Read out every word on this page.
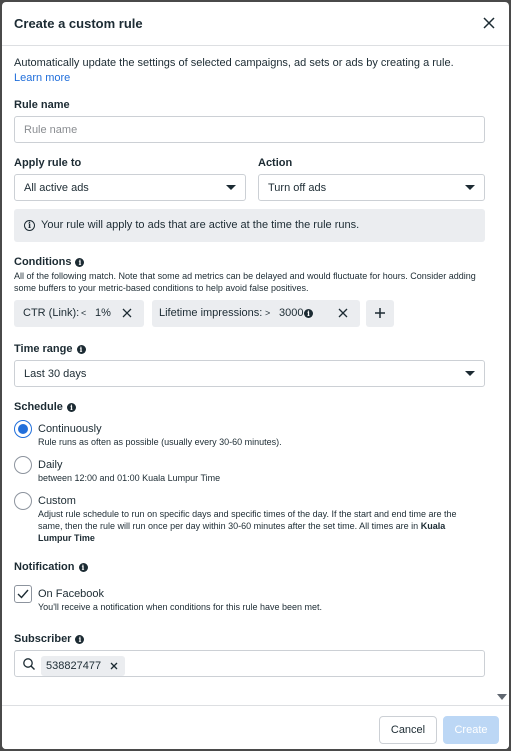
Create a custom rule
Automatically update the settings of selected campaigns, ad sets or ads by creating a rule. Learn more
Rule name
Rule name
Apply rule to
All active ads
Action
Turn off ads
i Your rule will apply to ads that are active at the time the rule runs.
Conditions i
All of the following match. Note that some ad metrics can be delayed and would fluctuate for hours. Consider adding some buffers to your metric-based conditions to help avoid false positives.
CTR (Link): < 1%	Lifetime impressions: > 3000 i
Time range i
Last 30 days
Schedule i
Continuously
Rule runs as often as possible (usually every 30-60 minutes).
Daily
between 12:00 and 01:00 Kuala Lumpur Time
Custom
Adjust rule schedule to run on specific days and specific times of the day. If the start and end time are the same, then the rule will run once per day within 30-60 minutes after the set time. All times are in Kuala Lumpur Time
Notification i
On Facebook
You'll receive a notification when conditions for this rule have been met.
Subscriber i
538827477
Cancel	Create
